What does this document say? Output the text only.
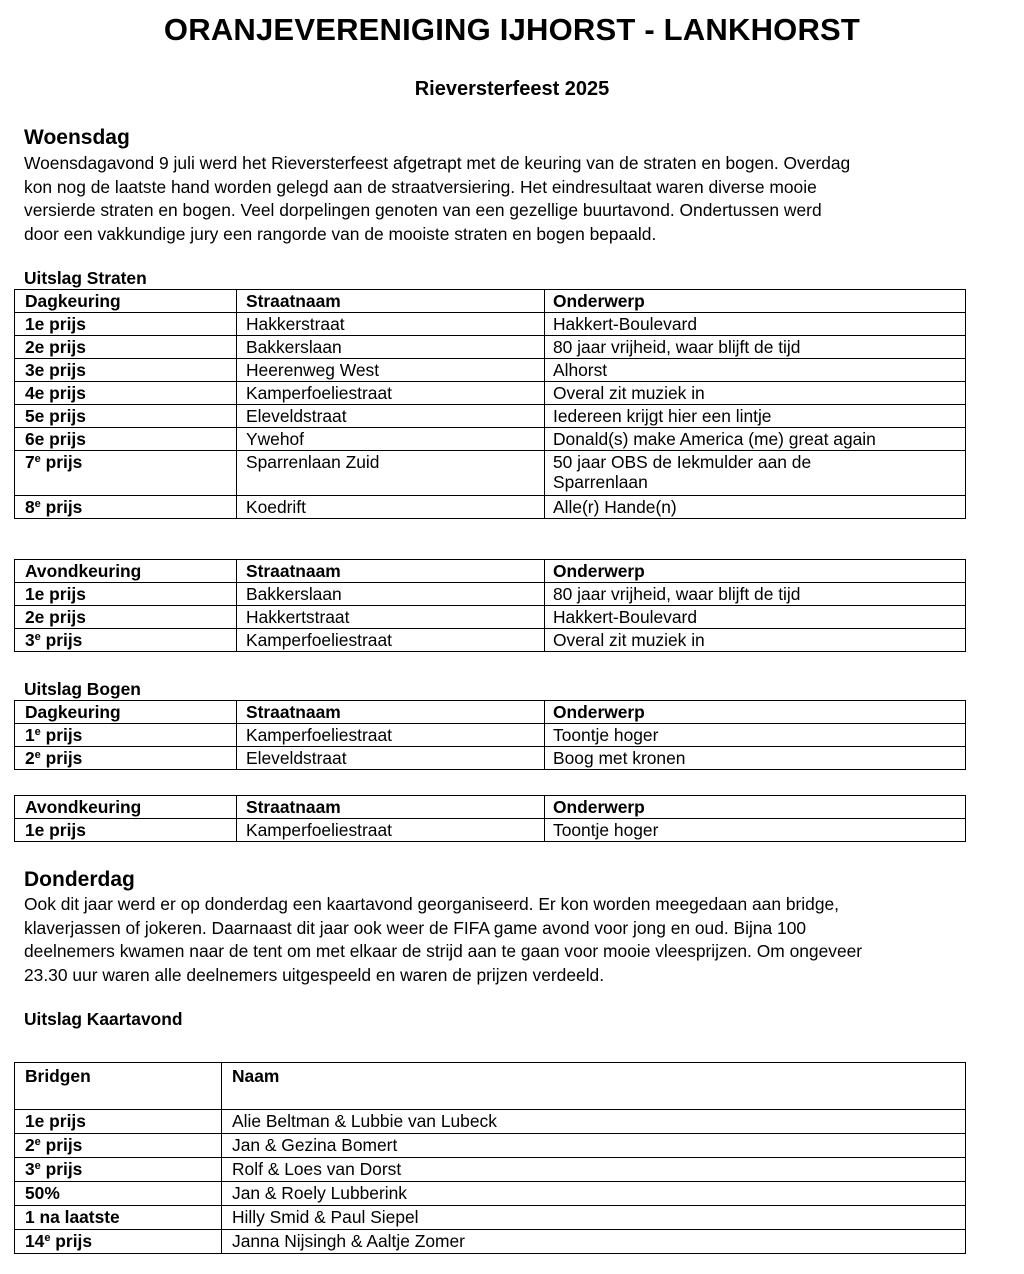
ORANJEVERENIGING IJHORST - LANKHORST
Rieversterfeest 2025
Woensdag
Woensdagavond 9 juli werd het Rieversterfeest afgetrapt met de keuring van de straten en bogen. Overdag
kon nog de laatste hand worden gelegd aan de straatversiering. Het eindresultaat waren diverse mooie
versierde straten en bogen. Veel dorpelingen genoten van een gezellige buurtavond. Ondertussen werd
door een vakkundige jury een rangorde van de mooiste straten en bogen bepaald.
Uitslag Straten
Dagkeuring	Straatnaam	Onderwerp
1e prijs	Hakkerstraat	Hakkert-Boulevard
2e prijs	Bakkerslaan	80 jaar vrijheid, waar blijft de tijd
3e prijs	Heerenweg West	Alhorst
4e prijs	Kamperfoeliestraat	Overal zit muziek in
5e prijs	Eleveldstraat	Iedereen krijgt hier een lintje
6e prijs	Ywehof	Donald(s) make America (me) great again
7e prijs	Sparrenlaan Zuid	50 jaar OBS de Iekmulder aan de
Sparrenlaan

8e prijs	Koedrift	Alle(r) Hande(n)
Avondkeuring	Straatnaam	Onderwerp
1e prijs	Bakkerslaan	80 jaar vrijheid, waar blijft de tijd
2e prijs	Hakkertstraat	Hakkert-Boulevard
3e prijs	Kamperfoeliestraat	Overal zit muziek in
Uitslag Bogen
Dagkeuring	Straatnaam	Onderwerp
1e prijs	Kamperfoeliestraat	Toontje hoger
2e prijs	Eleveldstraat	Boog met kronen
Avondkeuring	Straatnaam	Onderwerp
1e prijs	Kamperfoeliestraat	Toontje hoger
Donderdag
Ook dit jaar werd er op donderdag een kaartavond georganiseerd. Er kon worden meegedaan aan bridge,
klaverjassen of jokeren. Daarnaast dit jaar ook weer de FIFA game avond voor jong en oud. Bijna 100
deelnemers kwamen naar de tent om met elkaar de strijd aan te gaan voor mooie vleesprijzen. Om ongeveer
23.30 uur waren alle deelnemers uitgespeeld en waren de prijzen verdeeld.
Uitslag Kaartavond
Bridgen	Naam
1e prijs	Alie Beltman & Lubbie van Lubeck
2e prijs	Jan & Gezina Bomert
3e prijs	Rolf & Loes van Dorst
50%	Jan & Roely Lubberink
1 na laatste	Hilly Smid & Paul Siepel
14e prijs	Janna Nijsingh & Aaltje Zomer
